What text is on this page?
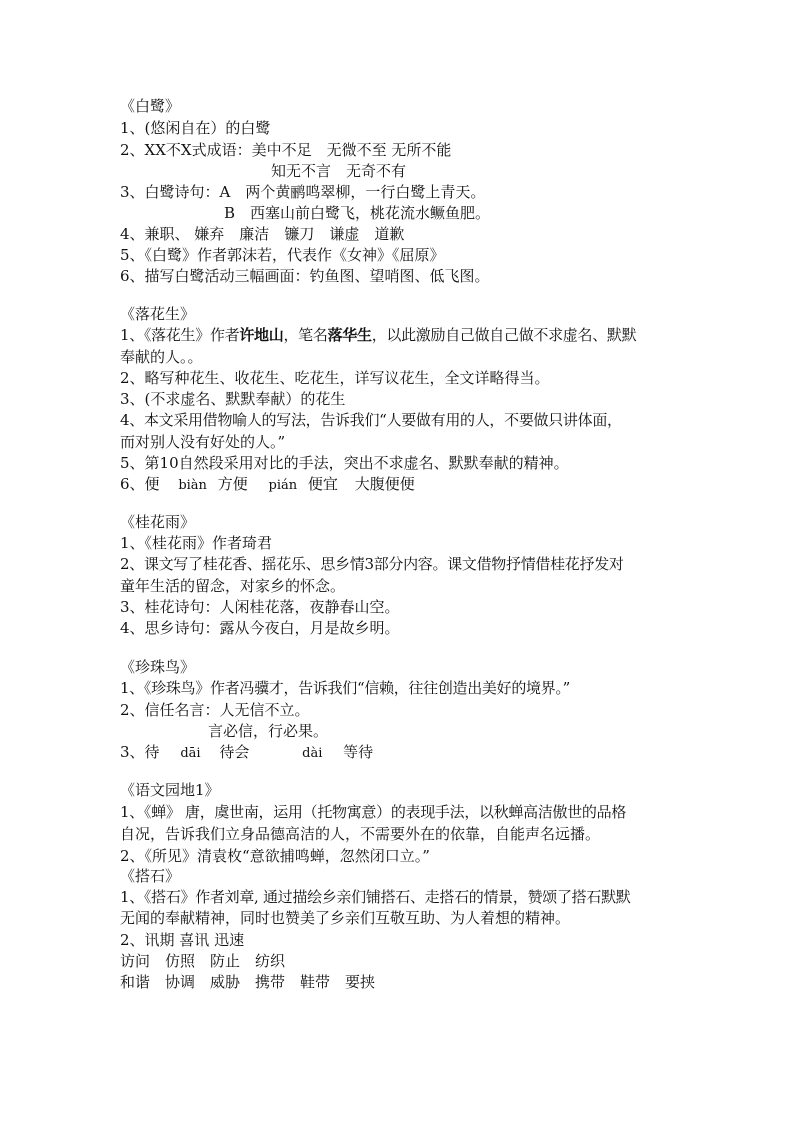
《白鹭》
1、(悠闲自在）的白鹭
2、XX不X式成语：美中不足　无微不至 无所不能
知无不言　无奇不有
3、白鹭诗句：A　两个黄鹂鸣翠柳，一行白鹭上青天。
B　西塞山前白鹭飞，桃花流水鳜鱼肥。
4、兼职、 嫌弃　廉洁　镰刀　谦虚　道歉
5、《白鹭》作者郭沫若，代表作《女神》《屈原》
6、描写白鹭活动三幅画面：钓鱼图、望哨图、低飞图。
《落花生》
1、《落花生》作者许地山，笔名落华生，以此激励自己做自己做不求虚名、默默
奉献的人。。
2、略写种花生、收花生、吃花生，详写议花生，全文详略得当。
3、(不求虚名、默默奉献）的花生
4、本文采用借物喻人的写法，告诉我们“人要做有用的人，不要做只讲体面，
而对别人没有好处的人。”
5、第10自然段采用对比的手法，突出不求虚名、默默奉献的精神。
6、便 biàn 方便 pián 便宜 大腹便便
《桂花雨》
1、《桂花雨》作者琦君
2、课文写了桂花香、摇花乐、思乡情3部分内容。课文借物抒情借桂花抒发对
童年生活的留念，对家乡的怀念。
3、桂花诗句：人闲桂花落，夜静春山空。
4、思乡诗句：露从今夜白，月是故乡明。
《珍珠鸟》
1、《珍珠鸟》作者冯骥才，告诉我们“信赖，往往创造出美好的境界。”
2、信任名言：人无信不立。
言必信，行必果。
3、待 dāi 待会	dài 等待
《语文园地1》
1、《蝉》 唐，虞世南，运用（托物寓意）的表现手法，以秋蝉高洁傲世的品格
自况，告诉我们立身品德高洁的人，不需要外在的依靠，自能声名远播。
2、《所见》清袁枚“意欲捕鸣蝉，忽然闭口立。”
《搭石》
1、《搭石》作者刘章, 通过描绘乡亲们铺搭石、走搭石的情景，赞颂了搭石默默
无闻的奉献精神，同时也赞美了乡亲们互敬互助、为人着想的精神。
2、讯期 喜讯 迅速
访问　仿照　防止　纺织
和谐　协调　威胁　携带　鞋带　要挟
